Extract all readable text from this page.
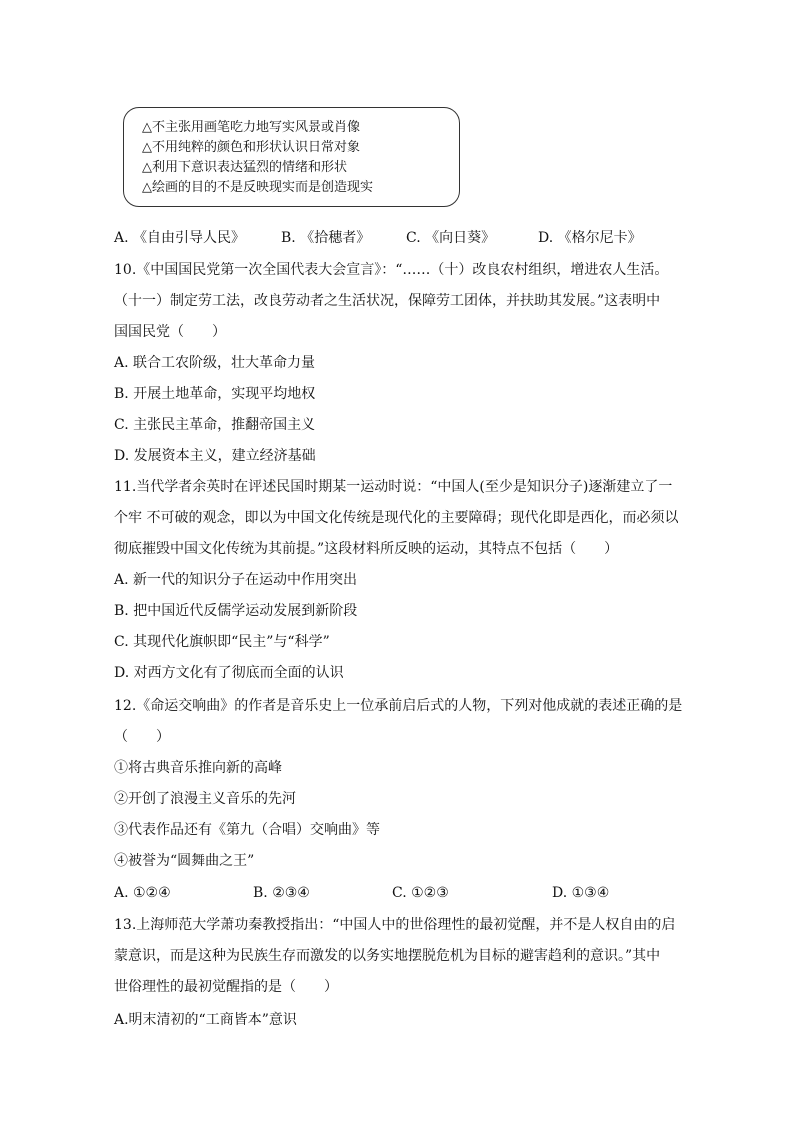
△不主张用画笔吃力地写实风景或肖像
△不用纯粹的颜色和形状认识日常对象
△利用下意识表达猛烈的情绪和形状
△绘画的目的不是反映现实而是创造现实
A. 《自由引导人民》	B. 《拾穗者》	C. 《向日葵》	D. 《格尔尼卡》
10.《中国国民党第一次全国代表大会宣言》：“……（十）改良农村组织，增进农人生活。
（十一）制定劳工法，改良劳动者之生活状况，保障劳工团体，并扶助其发展。”这表明中
国国民党（　　）
A. 联合工农阶级，壮大革命力量
B. 开展土地革命，实现平均地权
C. 主张民主革命，推翻帝国主义
D. 发展资本主义，建立经济基础
11.当代学者余英时在评述民国时期某一运动时说：“中国人(至少是知识分子)逐渐建立了一
个牢 不可破的观念，即以为中国文化传统是现代化的主要障碍；现代化即是西化，而必须以
彻底摧毁中国文化传统为其前提。”这段材料所反映的运动，其特点不包括（　　）
A. 新一代的知识分子在运动中作用突出
B. 把中国近代反儒学运动发展到新阶段
C. 其现代化旗帜即“民主”与“科学”
D. 对西方文化有了彻底而全面的认识
12.《命运交响曲》的作者是音乐史上一位承前启后式的人物，下列对他成就的表述正确的是
（　　）
①将古典音乐推向新的高峰
②开创了浪漫主义音乐的先河
③代表作品还有《第九（合唱）交响曲》等
④被誉为“圆舞曲之王”
A. ①②④	B. ②③④	C. ①②③	D. ①③④
13.上海师范大学萧功秦教授指出：“中国人中的世俗理性的最初觉醒，并不是人权自由的启
蒙意识，而是这种为民族生存而激发的以务实地摆脱危机为目标的避害趋利的意识。”其中
世俗理性的最初觉醒指的是（　　）
A.明末清初的“工商皆本”意识
